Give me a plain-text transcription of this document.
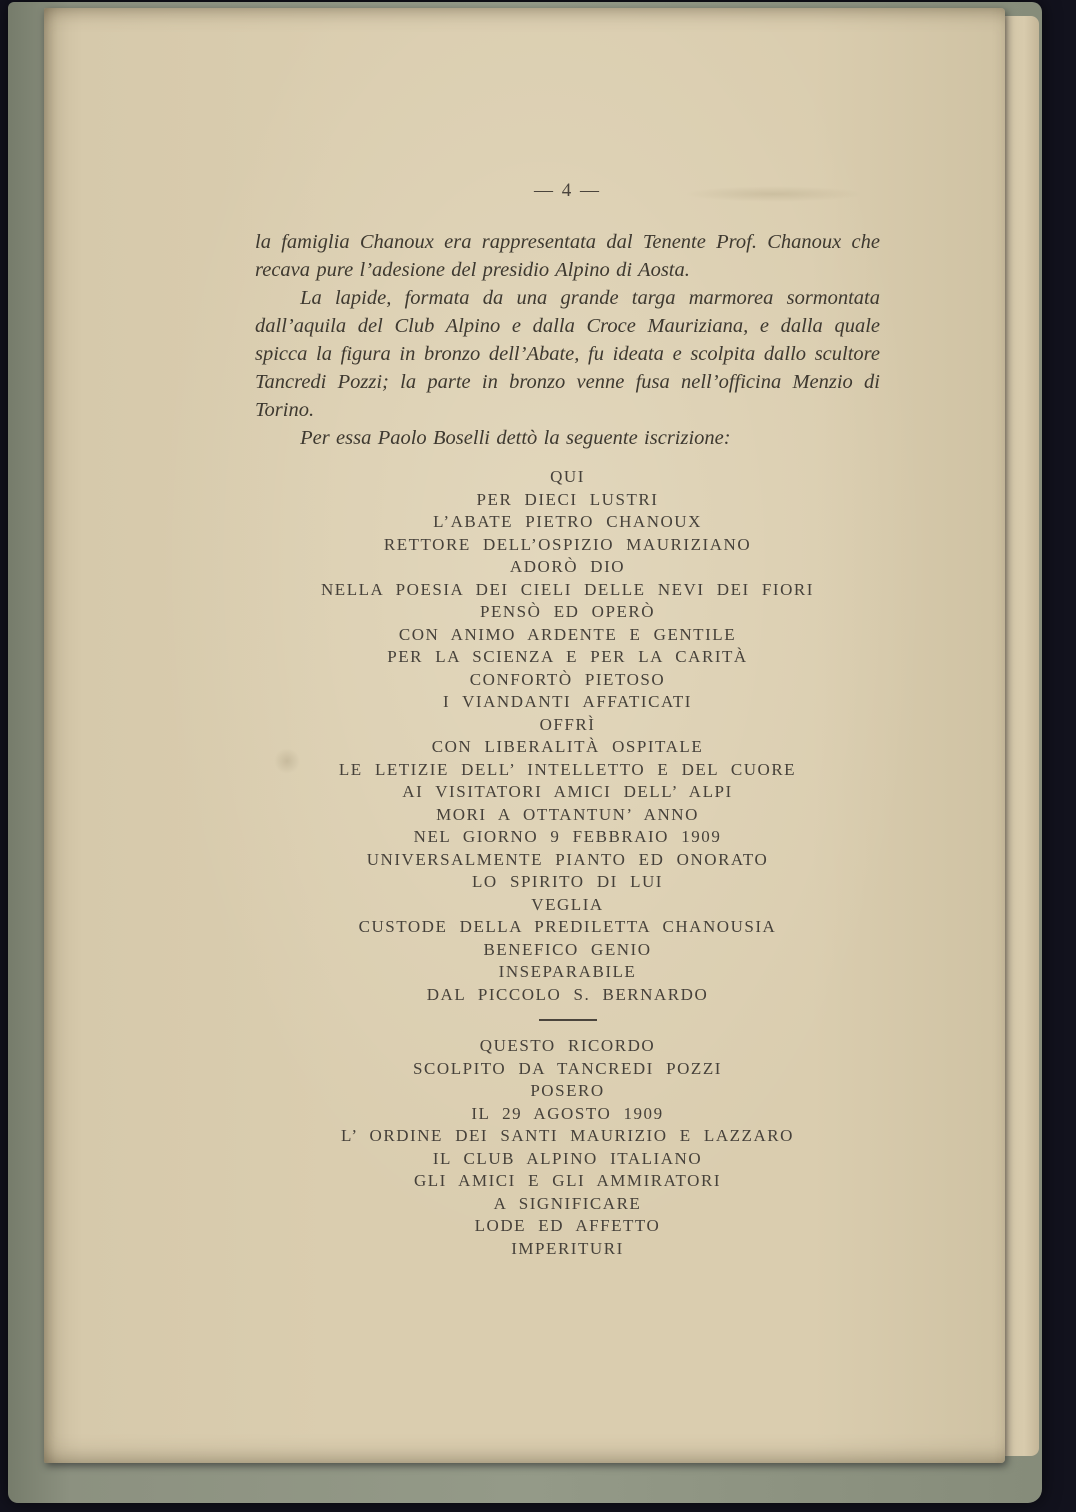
— 4 —

la famiglia Chanoux era rappresentata dal Tenente Prof. Chanoux che recava pure l’adesione del presidio Alpino di Aosta.

La lapide, formata da una grande targa marmorea sormontata dall’aquila del Club Alpino e dalla Croce Mauriziana, e dalla quale spicca la figura in bronzo dell’Abate, fu ideata e scolpita dallo scultore Tancredi Pozzi; la parte in bronzo venne fusa nell’officina Menzio di Torino.

Per essa Paolo Boselli dettò la seguente iscrizione:

QUI
PER DIECI LUSTRI
L’ABATE PIETRO CHANOUX
RETTORE DELL’OSPIZIO MAURIZIANO
ADORÒ DIO
NELLA POESIA DEI CIELI DELLE NEVI DEI FIORI
PENSÒ ED OPERÒ
CON ANIMO ARDENTE E GENTILE
PER LA SCIENZA E PER LA CARITÀ
CONFORTÒ PIETOSO
I VIANDANTI AFFATICATI
OFFRÌ
CON LIBERALITÀ OSPITALE
LE LETIZIE DELL’ INTELLETTO E DEL CUORE
AI VISITATORI AMICI DELL’ ALPI
MORI A OTTANTUN’ ANNO
NEL GIORNO 9 FEBBRAIO 1909
UNIVERSALMENTE PIANTO ED ONORATO
LO SPIRITO DI LUI
VEGLIA
CUSTODE DELLA PREDILETTA CHANOUSIA
BENEFICO GENIO
INSEPARABILE
DAL PICCOLO S. BERNARDO
QUESTO RICORDO
SCOLPITO DA TANCREDI POZZI
POSERO
IL 29 AGOSTO 1909
L’ ORDINE DEI SANTI MAURIZIO E LAZZARO
IL CLUB ALPINO ITALIANO
GLI AMICI E GLI AMMIRATORI
A SIGNIFICARE
LODE ED AFFETTO
IMPERITURI
